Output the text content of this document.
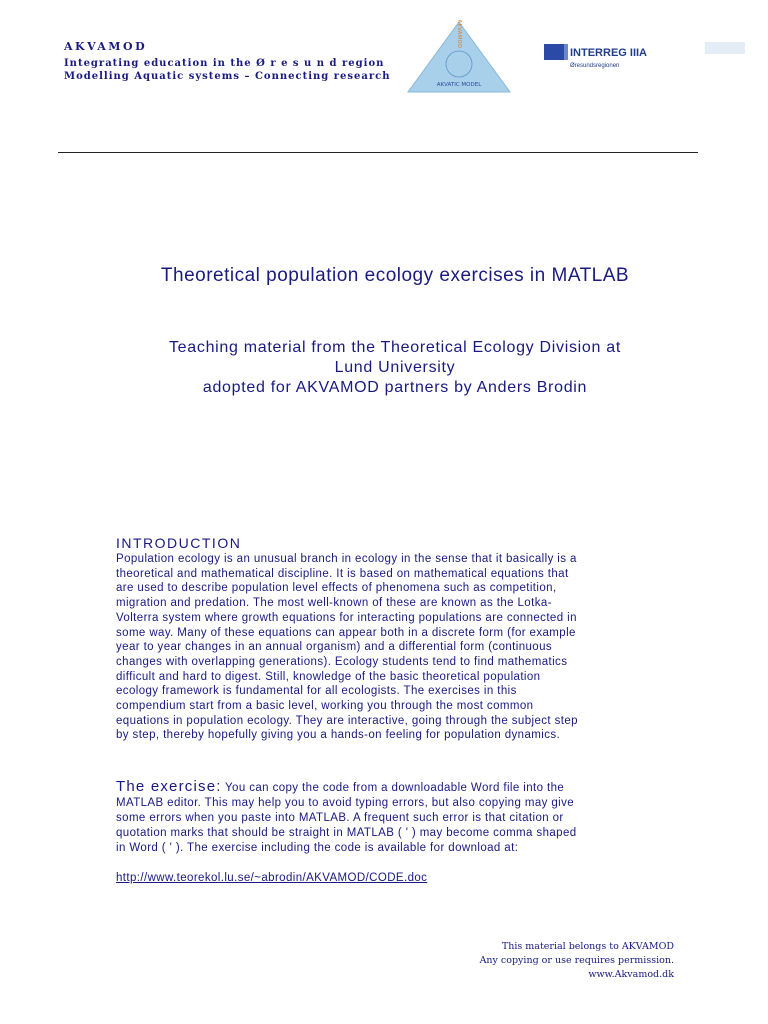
AKVAMOD
Integrating education in the Ø r e s u n d region
Modelling Aquatic systems – Connecting research
AKVAMOD
AKVATIC MODEL
INTERREG IIIA
Øresundsregionen
Theoretical population ecology exercises in MATLAB
Teaching material from the Theoretical Ecology Division at
Lund University
adopted for AKVAMOD partners by Anders Brodin
INTRODUCTION
Population ecology is an unusual branch in ecology in the sense that it basically is a
theoretical and mathematical discipline. It is based on mathematical equations that
are used to describe population level effects of phenomena such as competition,
migration and predation. The most well-known of these are known as the Lotka-
Volterra system where growth equations for interacting populations are connected in
some way. Many of these equations can appear both in a discrete form (for example
year to year changes in an annual organism) and a differential form (continuous
changes with overlapping generations). Ecology students tend to find mathematics
difficult and hard to digest. Still, knowledge of the basic theoretical population
ecology framework is fundamental for all ecologists. The exercises in this
compendium start from a basic level, working you through the most common
equations in population ecology. They are interactive, going through the subject step
by step, thereby hopefully giving you a hands-on feeling for population dynamics.
The exercise: You can copy the code from a downloadable Word file into the
MATLAB editor. This may help you to avoid typing errors, but also copying may give
some errors when you paste into MATLAB. A frequent such error is that citation or
quotation marks that should be straight in MATLAB ( ' ) may become comma shaped
in Word ( ' ). The exercise including the code is available for download at:
http://www.teorekol.lu.se/~abrodin/AKVAMOD/CODE.doc
This material belongs to AKVAMOD
Any copying or use requires permission.
www.Akvamod.dk
